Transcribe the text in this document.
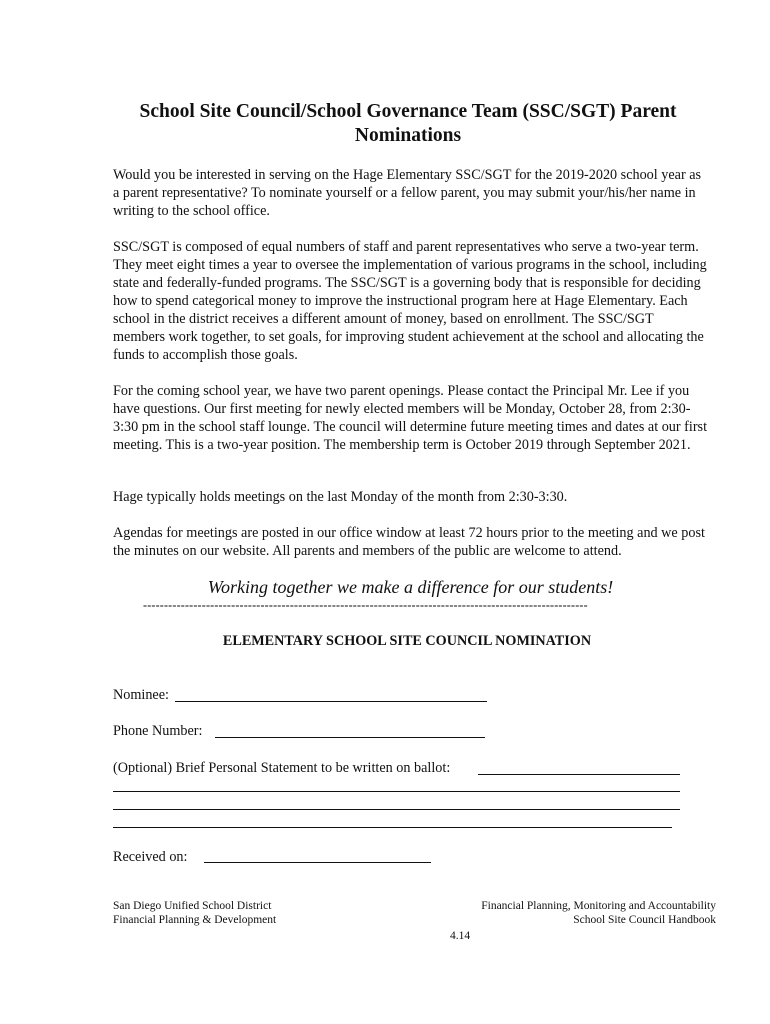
School Site Council/School Governance Team (SSC/SGT) Parent Nominations

Would you be interested in serving on the Hage Elementary SSC/SGT for the 2019-2020 school year as a parent representative? To nominate yourself or a fellow parent, you may submit your/his/her name in writing to the school office.

SSC/SGT is composed of equal numbers of staff and parent representatives who serve a two-year term. They meet eight times a year to oversee the implementation of various programs in the school, including state and federally-funded programs. The SSC/SGT is a governing body that is responsible for deciding how to spend categorical money to improve the instructional program here at Hage Elementary. Each school in the district receives a different amount of money, based on enrollment. The SSC/SGT members work together, to set goals, for improving student achievement at the school and allocating the funds to accomplish those goals.

For the coming school year, we have two parent openings. Please contact the Principal Mr. Lee if you have questions. Our first meeting for newly elected members will be Monday, October 28, from 2:30-3:30 pm in the school staff lounge. The council will determine future meeting times and dates at our first meeting. This is a two-year position. The membership term is October 2019 through September 2021.

Hage typically holds meetings on the last Monday of the month from 2:30-3:30.

Agendas for meetings are posted in our office window at least 72 hours prior to the meeting and we post the minutes on our website. All parents and members of the public are welcome to attend.

Working together we make a difference for our students!
----------------------------------------------------------------------------------------------------------
ELEMENTARY SCHOOL SITE COUNCIL NOMINATION
Nominee:
Phone Number:
(Optional) Brief Personal Statement to be written on ballot:
Received on:
San Diego Unified School District
Financial Planning & Development
Financial Planning, Monitoring and Accountability
School Site Council Handbook
4.14
